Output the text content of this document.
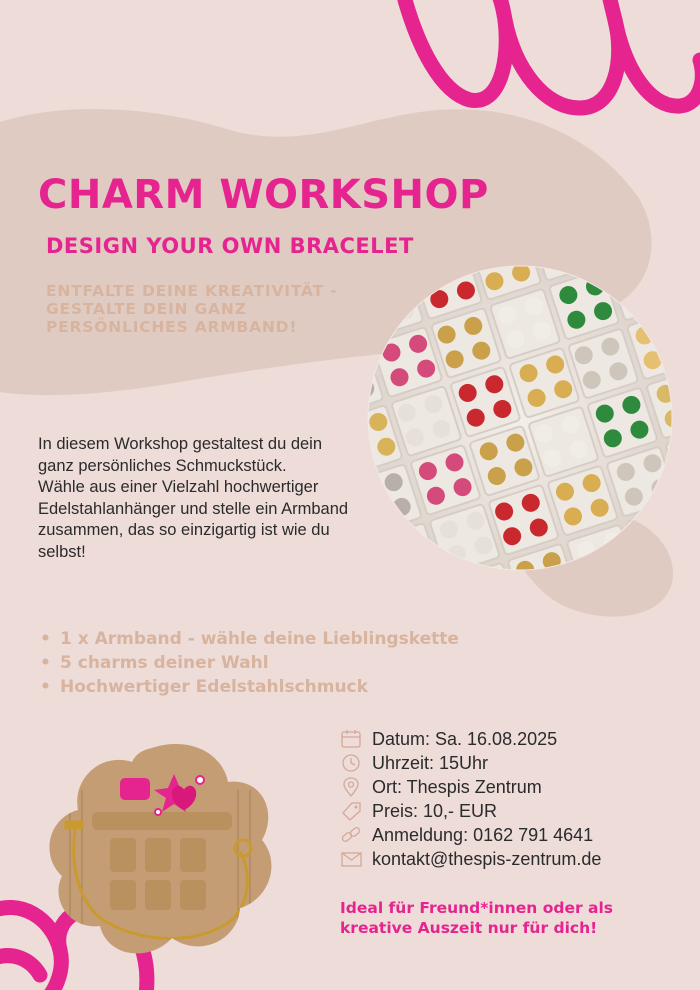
CHARM WORKSHOP
DESIGN YOUR OWN BRACELET
ENTFALTE DEINE KREATIVITÄT - GESTALTE DEIN GANZ PERSÖNLICHES ARMBAND!

In diesem Workshop gestaltest du dein ganz persönliches Schmuckstück.

Wähle aus einer Vielzahl hochwertiger Edelstahlanhänger und stelle ein Armband zusammen, das so einzigartig ist wie du selbst!

• 1 x Armband - wähle deine Lieblingskette
• 5 charms deiner Wahl
• Hochwertiger Edelstahlschmuck
Datum: Sa. 16.08.2025
Uhrzeit: 15Uhr
Ort: Thespis Zentrum
Preis: 10,- EUR
Anmeldung: 0162 791 4641
kontakt@thespis-zentrum.de
Ideal für Freund*innen oder als kreative Auszeit nur für dich!
